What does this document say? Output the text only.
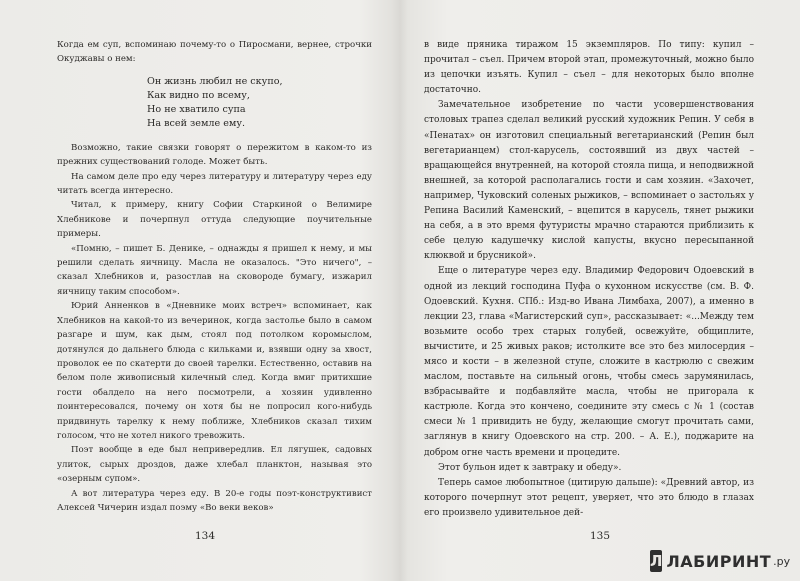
Когда ем суп, вспоминаю почему-то о Пиросмани, вернее, строчки Окуджавы о нем:

Он жизнь любил не скупо,
Как видно по всему,
Но не хватило супа
На всей земле ему.

Возможно, такие связки говорят о пережитом в каком-то из прежних существований голоде. Может быть.

На самом деле про еду через литературу и литературу через еду читать всегда интересно.

Читал, к примеру, книгу Софии Старкиной о Велимире Хлебникове и почерпнул оттуда следующие поучительные примеры.

«Помню, – пишет Б. Денике, – однажды я пришел к нему, и мы решили сделать яичницу. Масла не оказалось. "Это ничего", – сказал Хлебников и, разостлав на сковороде бумагу, изжарил яичницу таким способом».

Юрий Анненков в «Дневнике моих встреч» вспоминает, как Хлебников на какой-то из вечеринок, когда застолье было в самом разгаре и шум, как дым, стоял под потолком коромыслом, дотянулся до дальнего блюда с кильками и, взявши одну за хвост, проволок ее по скатерти до своей тарелки. Естественно, оставив на белом поле живописный килечный след. Когда вмиг притихшие гости обалдело на него посмотрели, а хозяин удивленно поинтересовался, почему он хотя бы не попросил кого-нибудь придвинуть тарелку к нему поближе, Хлебников сказал тихим голосом, что не хотел никого тревожить.

Поэт вообще в еде был непривередлив. Ел лягушек, садовых улиток, сырых дроздов, даже хлебал планктон, называя это «озерным супом».

А вот литература через еду. В 20-е годы поэт-конструктивист Алексей Чичерин издал поэму «Во веки веков»

134

в виде пряника тиражом 15 экземпляров. По типу: купил – прочитал – съел. Причем второй этап, промежуточный, можно было из цепочки изъять. Купил – съел – для некоторых было вполне достаточно.

Замечательное изобретение по части усовершенствования столовых трапез сделал великий русский художник Репин. У себя в «Пенатах» он изготовил специальный вегетарианский (Репин был вегетарианцем) стол-карусель, состоявший из двух частей – вращающейся внутренней, на которой стояла пища, и неподвижной внешней, за которой располагались гости и сам хозяин. «Захочет, например, Чуковский соленых рыжиков, – вспоминает о застольях у Репина Василий Каменский, – вцепится в карусель, тянет рыжики на себя, а в это время футуристы мрачно стараются приблизить к себе целую кадушечку кислой капусты, вкусно пересыпанной клюквой и брусникой».

Еще о литературе через еду. Владимир Федорович Одоевский в одной из лекций господина Пуфа о кухонном искусстве (см. В. Ф. Одоевский. Кухня. СПб.: Изд-во Ивана Лимбаха, 2007), а именно в лекции 23, глава «Магистерский суп», рассказывает: «...Между тем возьмите особо трех старых голубей, освежуйте, общиплите, вычистите, и 25 живых раков; истолките все это без милосердия – мясо и кости – в железной ступе, сложите в кастрюлю с свежим маслом, поставьте на сильный огонь, чтобы смесь зарумянилась, взбрасывайте и подбавляйте масла, чтобы не пригорала к кастрюле. Когда это кончено, соедините эту смесь с № 1 (состав смеси № 1 привидить не буду, желающие смогут прочитать сами, заглянув в книгу Одоевского на стр. 200. – А. Е.), поджарите на добром огне часть времени и процедите.

Этот бульон идет к завтраку и обеду».

Теперь самое любопытное (цитирую дальше): «Древний автор, из которого почерпнут этот рецепт, уверяет, что это блюдо в глазах его произвело удивительное дей-

135
Л ЛАБИРИНТ .ру
